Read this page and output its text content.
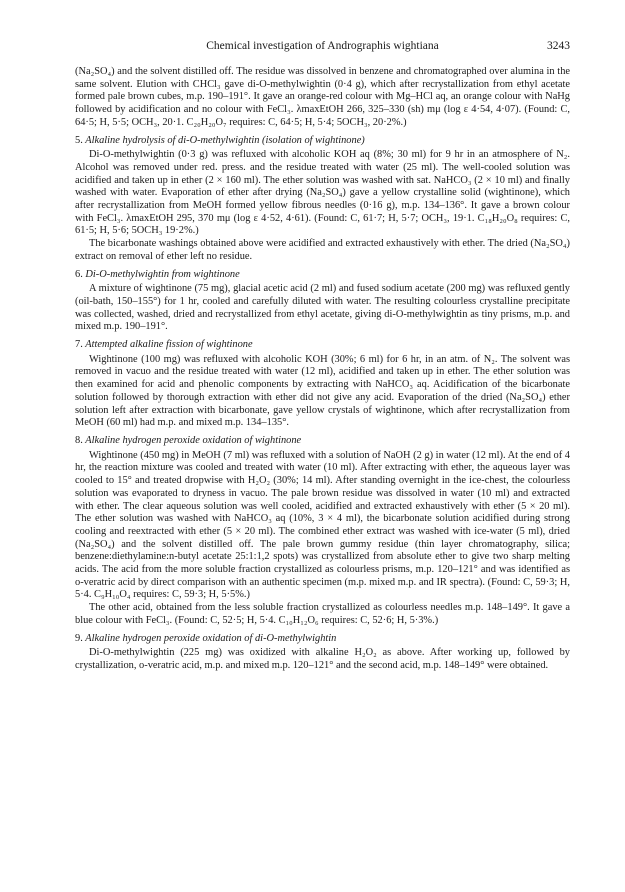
Chemical investigation of Andrographis wightiana	3243

(Na₂SO₄) and the solvent distilled off. The residue was dissolved in benzene and chromatographed over alumina in the same solvent. Elution with CHCl₃ gave di-O-methylwightin (0·4 g), which after recrystallization from ethyl acetate formed pale brown cubes, m.p. 190–191°. It gave an orange-red colour with Mg–HCl aq, an orange colour with NaHg followed by acidification and no colour with FeCl₃. λmaxEtOH 266, 325–330 (sh) mμ (log ε 4·54, 4·07). (Found: C, 64·5; H, 5·5; OCH₃, 20·1. C₂₀H₂₀O₇ requires: C, 64·5; H, 5·4; 5OCH₃, 20·2%.)

5. Alkaline hydrolysis of di-O-methylwightin (isolation of wightinone)

Di-O-methylwightin (0·3 g) was refluxed with alcoholic KOH aq (8%; 30 ml) for 9 hr in an atmosphere of N₂. Alcohol was removed under red. press. and the residue treated with water (25 ml). The well-cooled solution was acidified and taken up in ether (2 × 160 ml). The ether solution was washed with sat. NaHCO₃ (2 × 10 ml) and finally washed with water. Evaporation of ether after drying (Na₂SO₄) gave a yellow crystalline solid (wightinone), which after recrystallization from MeOH formed yellow fibrous needles (0·16 g), m.p. 134–136°. It gave a brown colour with FeCl₃. λmaxEtOH 295, 370 mμ (log ε 4·52, 4·61). (Found: C, 61·7; H, 5·7; OCH₃, 19·1. C₁₈H₂₀O₈ requires: C, 61·5; H, 5·6; 5OCH₃ 19·2%.)

The bicarbonate washings obtained above were acidified and extracted exhaustively with ether. The dried (Na₂SO₄) extract on removal of ether left no residue.

6. Di-O-methylwightin from wightinone

A mixture of wightinone (75 mg), glacial acetic acid (2 ml) and fused sodium acetate (200 mg) was refluxed gently (oil-bath, 150–155°) for 1 hr, cooled and carefully diluted with water. The resulting colourless crystalline precipitate was collected, washed, dried and recrystallized from ethyl acetate, giving di-O-methylwightin as tiny prisms, m.p. and mixed m.p. 190–191°.

7. Attempted alkaline fission of wightinone

Wightinone (100 mg) was refluxed with alcoholic KOH (30%; 6 ml) for 6 hr, in an atm. of N₂. The solvent was removed in vacuo and the residue treated with water (12 ml), acidified and taken up in ether. The ether solution was then examined for acid and phenolic components by extracting with NaHCO₃ aq. Acidification of the bicarbonate solution followed by thorough extraction with ether did not give any acid. Evaporation of the dried (Na₂SO₄) ether solution left after extraction with bicarbonate, gave yellow crystals of wightinone, which after recrystallization from MeOH (60 ml) had m.p. and mixed m.p. 134–135°.

8. Alkaline hydrogen peroxide oxidation of wightinone

Wightinone (450 mg) in MeOH (7 ml) was refluxed with a solution of NaOH (2 g) in water (12 ml). At the end of 4 hr, the reaction mixture was cooled and treated with water (10 ml). After extracting with ether, the aqueous layer was cooled to 15° and treated dropwise with H₂O₂ (30%; 14 ml). After standing overnight in the ice-chest, the colourless solution was evaporated to dryness in vacuo. The pale brown residue was dissolved in water (10 ml) and extracted with ether. The clear aqueous solution was well cooled, acidified and extracted exhaustively with ether (5 × 20 ml). The ether solution was washed with NaHCO₃ aq (10%, 3 × 4 ml), the bicarbonate solution acidified during strong cooling and reextracted with ether (5 × 20 ml). The combined ether extract was washed with ice-water (5 ml), dried (Na₂SO₄) and the solvent distilled off. The pale brown gummy residue (thin layer chromatography, silica; benzene:diethylamine:n-butyl acetate 25:1:1,2 spots) was crystallized from absolute ether to give two sharp melting acids. The acid from the more soluble fraction crystallized as colourless prisms, m.p. 120–121° and was identified as o-veratric acid by direct comparison with an authentic specimen (m.p. mixed m.p. and IR spectra). (Found: C, 59·3; H, 5·4. C₉H₁₀O₄ requires: C, 59·3; H, 5·5%.)

The other acid, obtained from the less soluble fraction crystallized as colourless needles m.p. 148–149°. It gave a blue colour with FeCl₃. (Found: C, 52·5; H, 5·4. C₁₀H₁₂O₆ requires: C, 52·6; H, 5·3%.)

9. Alkaline hydrogen peroxide oxidation of di-O-methylwightin

Di-O-methylwightin (225 mg) was oxidized with alkaline H₂O₂ as above. After working up, followed by crystallization, o-veratric acid, m.p. and mixed m.p. 120–121° and the second acid, m.p. 148–149° were obtained.
